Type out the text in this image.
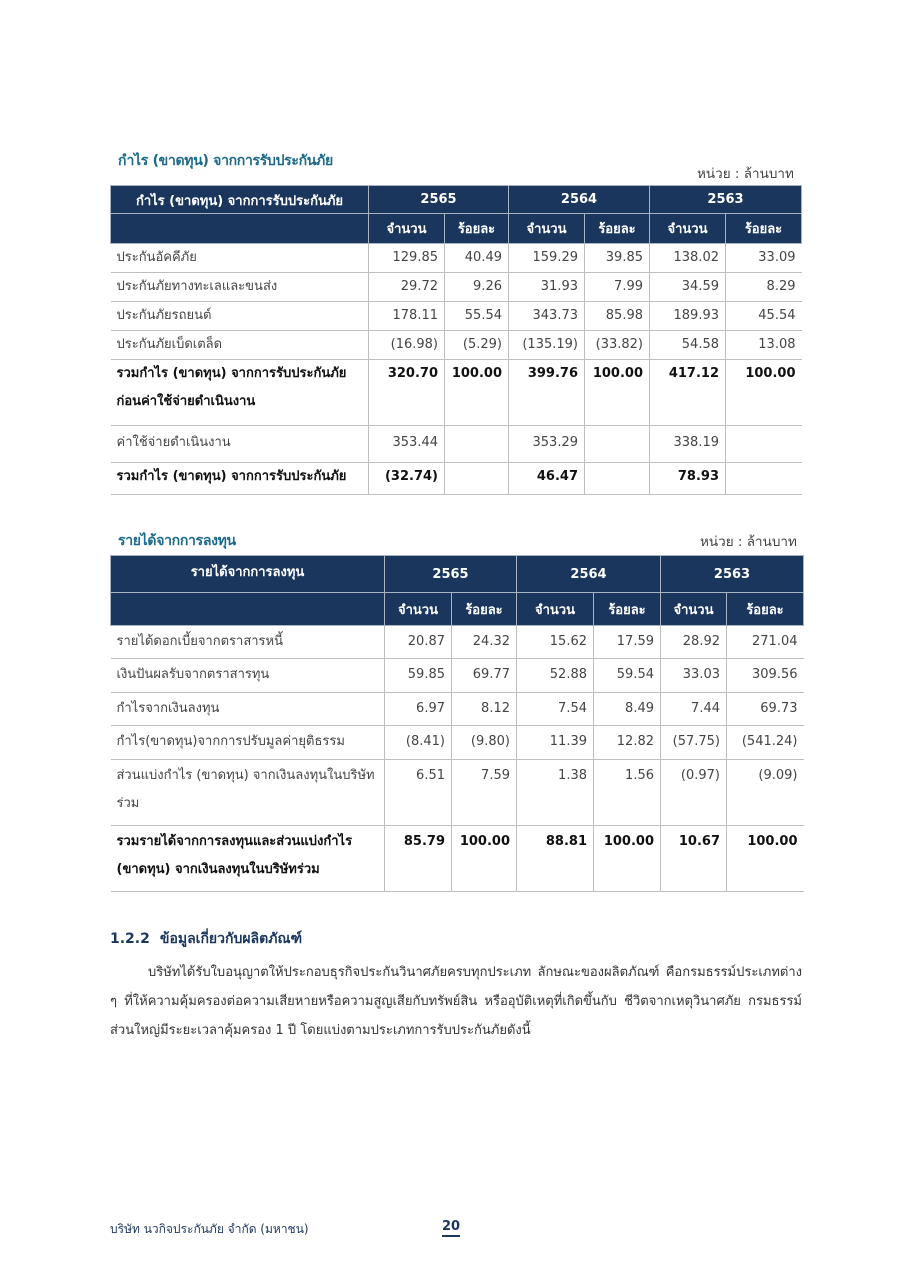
กำไร (ขาดทุน) จากการรับประกันภัย
หน่วย : ล้านบาท
กำไร (ขาดทุน) จากการรับประกันภัย	2565		2564		2563	
	จำนวน	ร้อยละ	จำนวน	ร้อยละ	จำนวน	ร้อยละ
ประกันอัคคีภัย	129.85	40.49	159.29	39.85	138.02	33.09
ประกันภัยทางทะเลและขนส่ง	29.72	9.26	31.93	7.99	34.59	8.29
ประกันภัยรถยนต์	178.11	55.54	343.73	85.98	189.93	45.54
ประกันภัยเบ็ดเตล็ด	(16.98)	(5.29)	(135.19)	(33.82)	54.58	13.08

รวมกำไร (ขาดทุน) จากการรับประกันภัย
ก่อนค่าใช้จ่ายดำเนินงาน	320.70	100.00	399.76	100.00	417.12	100.00
ค่าใช้จ่ายดำเนินงาน	353.44		353.29		338.19	
รวมกำไร (ขาดทุน) จากการรับประกันภัย	(32.74)		46.47		78.93	
รายได้จากการลงทุน	หน่วย : ล้านบาท
รายได้จากการลงทุน	2565		2564		2563	
	จำนวน	ร้อยละ	จำนวน	ร้อยละ	จำนวน	ร้อยละ
รายได้ดอกเบี้ยจากตราสารหนี้	20.87	24.32	15.62	17.59	28.92	271.04
เงินปันผลรับจากตราสารทุน	59.85	69.77	52.88	59.54	33.03	309.56
กำไรจากเงินลงทุน	6.97	8.12	7.54	8.49	7.44	69.73
กำไร(ขาดทุน)จากการปรับมูลค่ายุติธรรม	(8.41)	(9.80)	11.39	12.82	(57.75)	(541.24)

ส่วนแบ่งกำไร (ขาดทุน) จากเงินลงทุนในบริษัท
ร่วม	6.51	7.59	1.38	1.56	(0.97)	(9.09)

รวมรายได้จากการลงทุนและส่วนแบ่งกำไร
(ขาดทุน) จากเงินลงทุนในบริษัทร่วม	85.79	100.00	88.81	100.00	10.67	100.00
1.2.2 ข้อมูลเกี่ยวกับผลิตภัณฑ์
บริษัทได้รับใบอนุญาตให้ประกอบธุรกิจประกันวินาศภัยครบทุกประเภท ลักษณะของผลิตภัณฑ์ คือกรมธรรม์ประเภทต่าง ๆ ที่ให้ความคุ้มครองต่อความเสียหายหรือความสูญเสียกับทรัพย์สิน หรืออุบัติเหตุที่เกิดขึ้นกับ ชีวิตจากเหตุวินาศภัย กรมธรรม์ส่วนใหญ่มีระยะเวลาคุ้มครอง 1 ปี โดยแบ่งตามประเภทการรับประกันภัยดังนี้
บริษัท นวกิจประกันภัย จำกัด (มหาชน)	20
